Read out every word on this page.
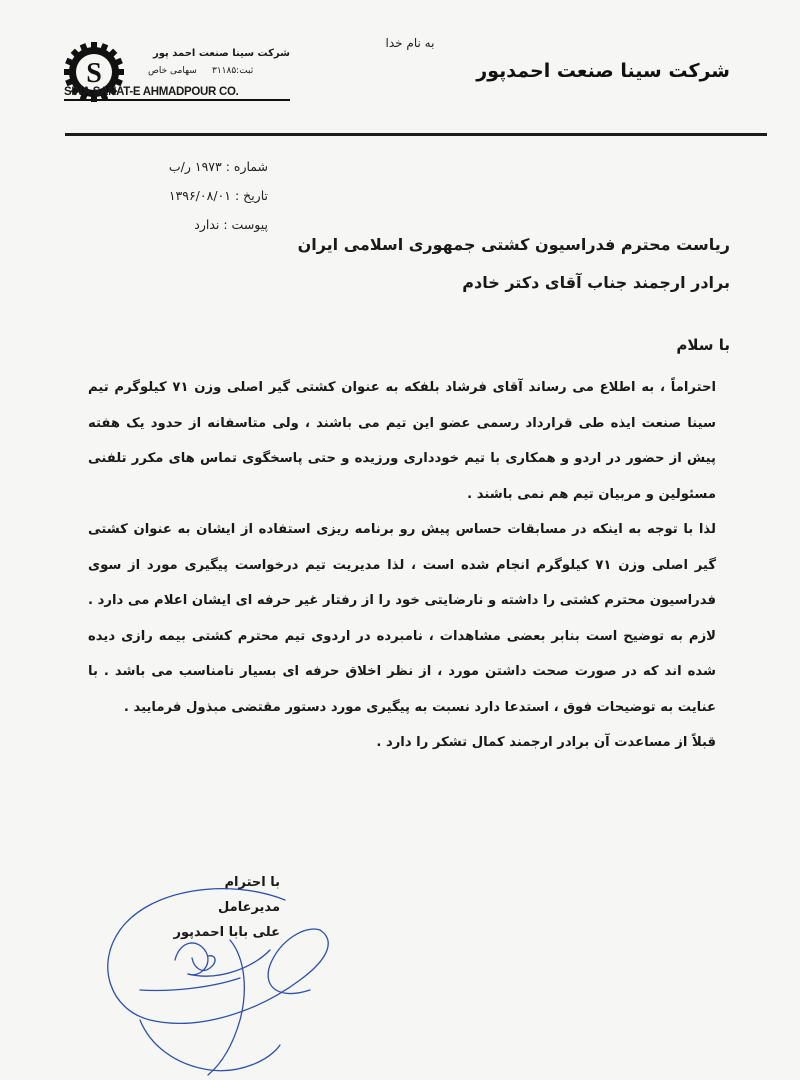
به نام خدا
شرکت سینا صنعت احمدپور
S
شرکت سینا صنعت احمد پور
ثبت:۳۱۱۸۵
سهامی خاص
SINA SANAT-E AHMADPOUR CO.
شماره : ۱۹۷۳ ر/ب
تاریخ : ۱۳۹۶/۰۸/۰۱
پیوست : ندارد
ریاست محترم فدراسیون کشتی جمهوری اسلامی ایران
برادر ارجمند جناب آقای دکتر خادم
با سلام

احتراماً ، به اطلاع می رساند آقای فرشاد بلفکه به عنوان کشتی گیر اصلی وزن ۷۱ کیلوگرم تیم سینا صنعت ایذه طی قرارداد رسمی عضو این تیم می باشند ، ولی متاسفانه از حدود یک هفته پیش از حضور در اردو و همکاری با تیم خودداری ورزیده و حتی پاسخگوی تماس های مکرر تلفنی مسئولین و مربیان تیم هم نمی باشند .

لذا با توجه به اینکه در مسابقات حساس پیش رو برنامه ریزی استفاده از ایشان به عنوان کشتی گیر اصلی وزن ۷۱ کیلوگرم انجام شده است ، لذا مدیریت تیم درخواست پیگیری مورد از سوی فدراسیون محترم کشتی را داشته و نارضایتی خود را از رفتار غیر حرفه ای ایشان اعلام می دارد . لازم به توضیح است بنابر بعضی مشاهدات ، نامبرده در اردوی تیم محترم کشتی بیمه رازی دیده شده اند که در صورت صحت داشتن مورد ، از نظر اخلاق حرفه ای بسیار نامناسب می باشد . با عنایت به توضیحات فوق ، استدعا دارد نسبت به پیگیری مورد دستور مقتضی مبذول فرمایید .

قبلاً از مساعدت آن برادر ارجمند کمال تشکر را دارد .

با احترام
مدیرعامل
علی بابا احمدپور
